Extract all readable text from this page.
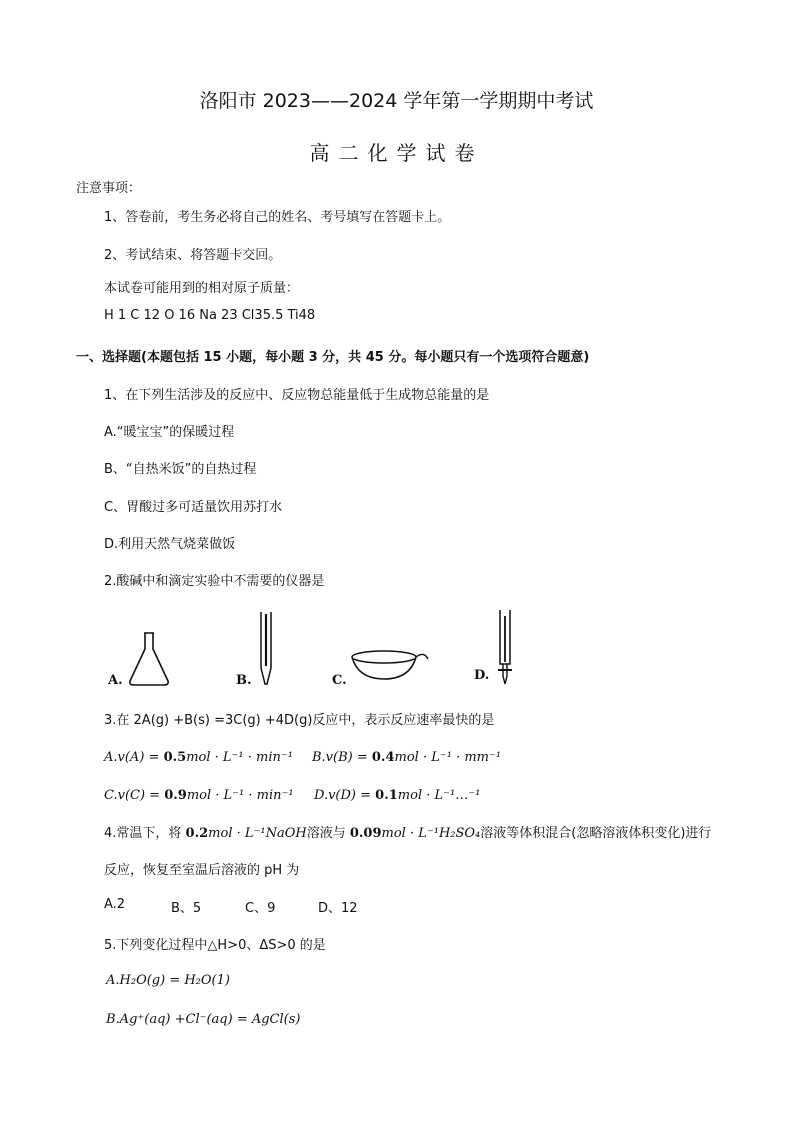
洛阳市 2023——2024 学年第一学期期中考试
高二化学试卷
注意事项：
1、答卷前，考生务必将自己的姓名、考号填写在答题卡上。
2、考试结束、将答题卡交回。
本试卷可能用到的相对原子质量：
H 1 C 12 O 16 Na 23 Cl35.5 Ti48
一、选择题(本题包括 15 小题，每小题 3 分，共 45 分。每小题只有一个选项符合题意)
1、在下列生活涉及的反应中、反应物总能量低于生成物总能量的是
A.“暖宝宝”的保暖过程
B、“自热米饭”的自热过程
C、胃酸过多可适量饮用苏打水
D.利用天然气烧菜做饭
2.酸碱中和滴定实验中不需要的仪器是
A.	B.	C.	D.
3.在 2A(g) +B(s) =3C(g) +4D(g)反应中，表示反应速率最快的是
A.v(A) = 0.5mol · L⁻¹ · min⁻¹ B.v(B) = 0.4mol · L⁻¹ · mm⁻¹
C.v(C) = 0.9mol · L⁻¹ · min⁻¹ D.v(D) = 0.1mol · L⁻¹…⁻¹
4.常温下，将 0.2mol · L⁻¹NaOH溶液与 0.09mol · L⁻¹H₂SO₄溶液等体积混合(忽略溶液体积变化)进行
反应，恢复至室温后溶液的 pH 为
A.2	B、5	C、9	D、12
5.下列变化过程中△H>0、ΔS>0 的是
A.H₂O(g) = H₂O(1)
B.Ag⁺(aq) +Cl⁻(aq) = AgCl(s)
